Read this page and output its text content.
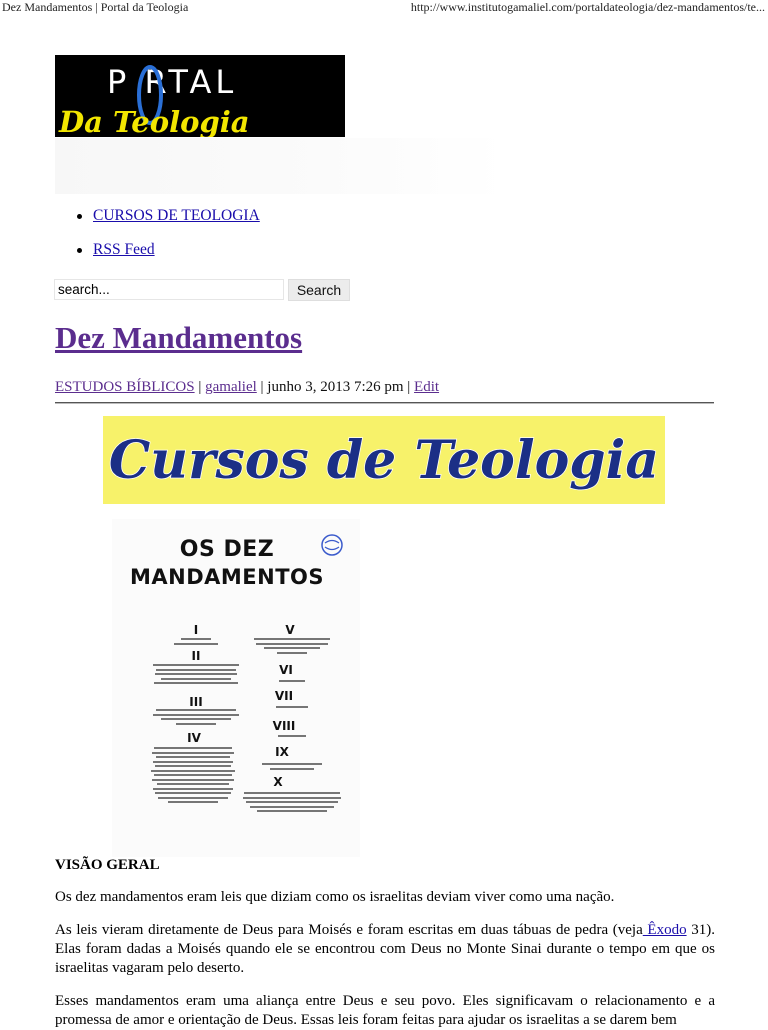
Dez Mandamentos | Portal da Teologia	http://www.institutogamaliel.com/portaldateologia/dez-mandamentos/te...
P RTAL
Da Teologia
CURSOS DE TEOLOGIA
RSS Feed
search...
Search
Dez Mandamentos
ESTUDOS BÍBLICOS | gamaliel | junho 3, 2013 7:26 pm | Edit
Cursos de Teologia
OS DEZ
MANDAMENTOS
I
II
III
IV
V
VI
VII
VIII
IX
X
VISÃO GERAL

Os dez mandamentos eram leis que diziam como os israelitas deviam viver como uma nação.

As leis vieram diretamente de Deus para Moisés e foram escritas em duas tábuas de pedra (veja Êxodo 31). Elas foram dadas a Moisés quando ele se encontrou com Deus no Monte Sinai durante o tempo em que os israelitas vagaram pelo deserto.

Esses mandamentos eram uma aliança entre Deus e seu povo. Eles significavam o relacionamento e a promessa de amor e orientação de Deus. Essas leis foram feitas para ajudar os israelitas a se darem bem
